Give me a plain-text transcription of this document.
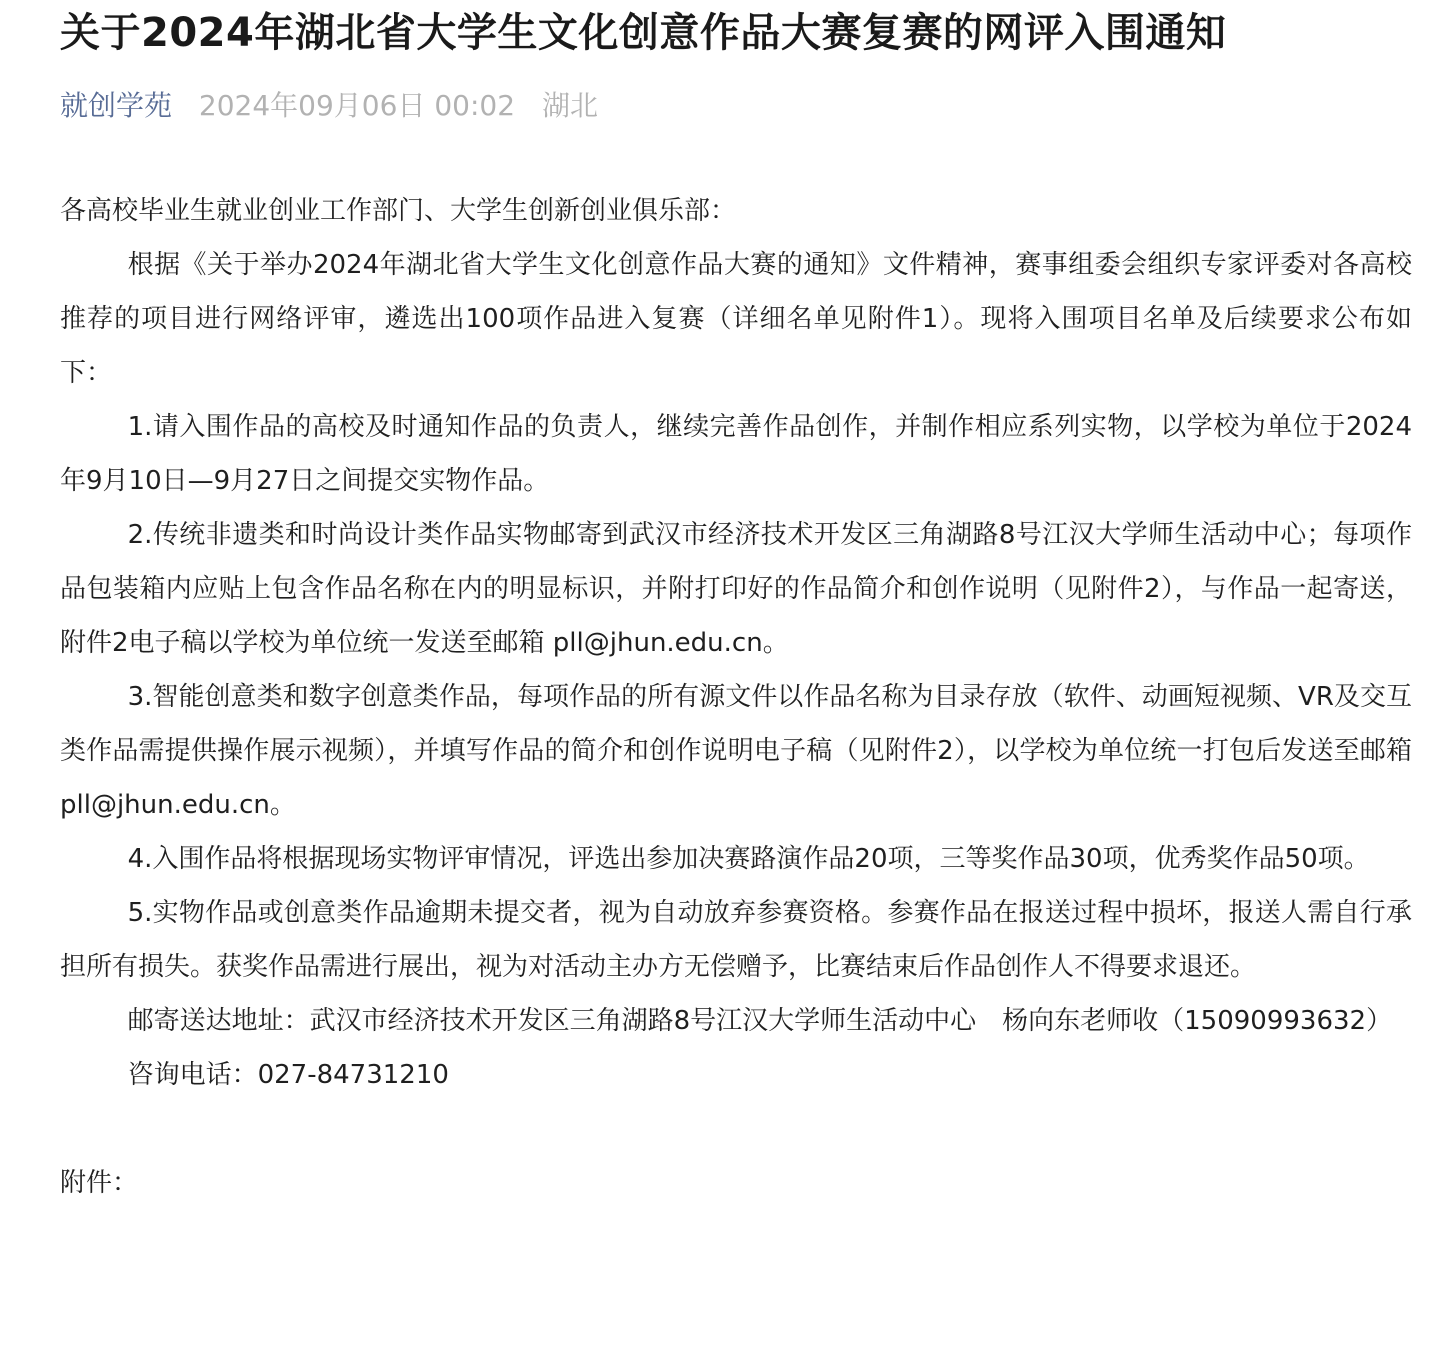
关于2024年湖北省大学生文化创意作品大赛复赛的网评入围通知
就创学苑 2024年09月06日 00:02 湖北

各高校毕业生就业创业工作部门、大学生创新创业俱乐部：

根据《关于举办2024年湖北省大学生文化创意作品大赛的通知》文件精神，赛事组委会组织专家评委对各高校推荐的项目进行网络评审，遴选出100项作品进入复赛（详细名单见附件1）。现将入围项目名单及后续要求公布如下：

1.请入围作品的高校及时通知作品的负责人，继续完善作品创作，并制作相应系列实物，以学校为单位于2024年9月10日—9月27日之间提交实物作品。

2.传统非遗类和时尚设计类作品实物邮寄到武汉市经济技术开发区三角湖路8号江汉大学师生活动中心；每项作品包装箱内应贴上包含作品名称在内的明显标识，并附打印好的作品简介和创作说明（见附件2），与作品一起寄送，附件2电子稿以学校为单位统一发送至邮箱 pll@jhun.edu.cn。

3.智能创意类和数字创意类作品，每项作品的所有源文件以作品名称为目录存放（软件、动画短视频、VR及交互类作品需提供操作展示视频），并填写作品的简介和创作说明电子稿（见附件2），以学校为单位统一打包后发送至邮箱pll@jhun.edu.cn。

4.入围作品将根据现场实物评审情况，评选出参加决赛路演作品20项，三等奖作品30项，优秀奖作品50项。

5.实物作品或创意类作品逾期未提交者，视为自动放弃参赛资格。参赛作品在报送过程中损坏，报送人需自行承担所有损失。获奖作品需进行展出，视为对活动主办方无偿赠予，比赛结束后作品创作人不得要求退还。

邮寄送达地址：武汉市经济技术开发区三角湖路8号江汉大学师生活动中心　杨向东老师收（15090993632）

咨询电话：027-84731210

附件：
